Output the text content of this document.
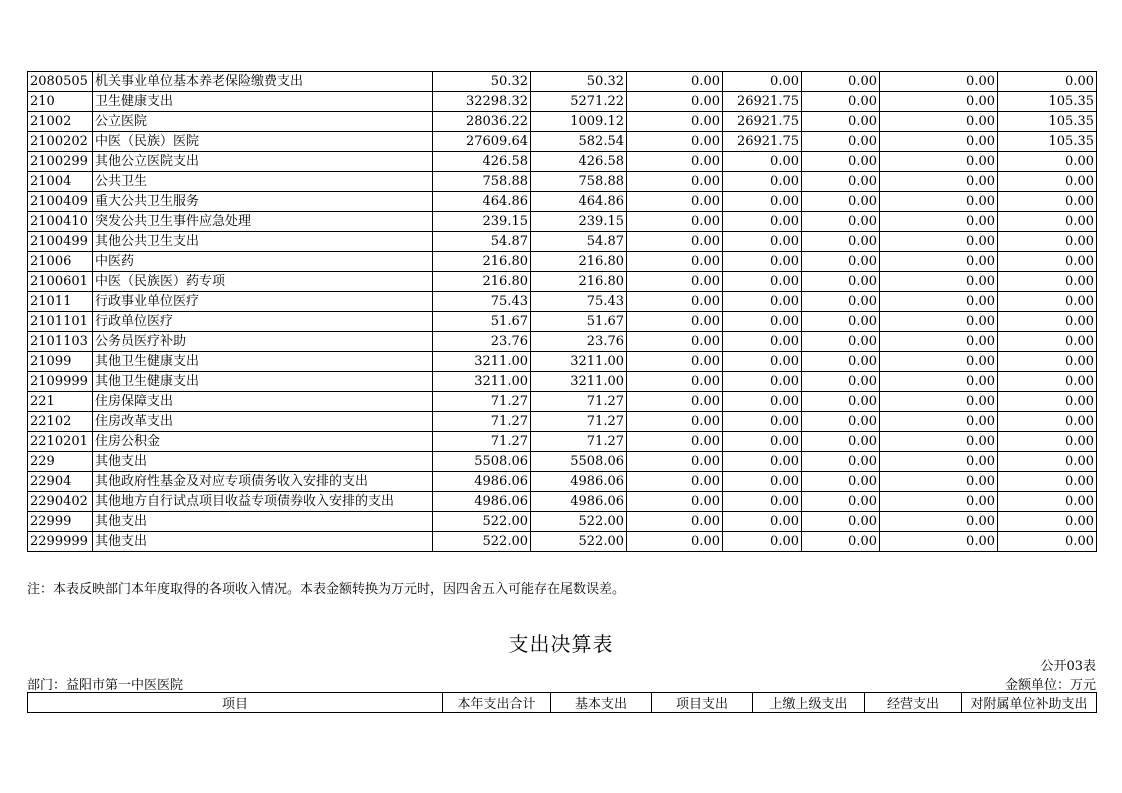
2080505	机关事业单位基本养老保险缴费支出	50.32	50.32	0.00	0.00	0.00	0.00	0.00
210	卫生健康支出	32298.32	5271.22	0.00	26921.75	0.00	0.00	105.35
21002	公立医院	28036.22	1009.12	0.00	26921.75	0.00	0.00	105.35
2100202	中医（民族）医院	27609.64	582.54	0.00	26921.75	0.00	0.00	105.35
2100299	其他公立医院支出	426.58	426.58	0.00	0.00	0.00	0.00	0.00
21004	公共卫生	758.88	758.88	0.00	0.00	0.00	0.00	0.00
2100409	重大公共卫生服务	464.86	464.86	0.00	0.00	0.00	0.00	0.00
2100410	突发公共卫生事件应急处理	239.15	239.15	0.00	0.00	0.00	0.00	0.00
2100499	其他公共卫生支出	54.87	54.87	0.00	0.00	0.00	0.00	0.00
21006	中医药	216.80	216.80	0.00	0.00	0.00	0.00	0.00
2100601	中医（民族医）药专项	216.80	216.80	0.00	0.00	0.00	0.00	0.00
21011	行政事业单位医疗	75.43	75.43	0.00	0.00	0.00	0.00	0.00
2101101	行政单位医疗	51.67	51.67	0.00	0.00	0.00	0.00	0.00
2101103	公务员医疗补助	23.76	23.76	0.00	0.00	0.00	0.00	0.00
21099	其他卫生健康支出	3211.00	3211.00	0.00	0.00	0.00	0.00	0.00
2109999	其他卫生健康支出	3211.00	3211.00	0.00	0.00	0.00	0.00	0.00
221	住房保障支出	71.27	71.27	0.00	0.00	0.00	0.00	0.00
22102	住房改革支出	71.27	71.27	0.00	0.00	0.00	0.00	0.00
2210201	住房公积金	71.27	71.27	0.00	0.00	0.00	0.00	0.00
229	其他支出	5508.06	5508.06	0.00	0.00	0.00	0.00	0.00
22904	其他政府性基金及对应专项债务收入安排的支出	4986.06	4986.06	0.00	0.00	0.00	0.00	0.00
2290402	其他地方自行试点项目收益专项债券收入安排的支出	4986.06	4986.06	0.00	0.00	0.00	0.00	0.00
22999	其他支出	522.00	522.00	0.00	0.00	0.00	0.00	0.00
2299999	其他支出	522.00	522.00	0.00	0.00	0.00	0.00	0.00
注：本表反映部门本年度取得的各项收入情况。本表金额转换为万元时，因四舍五入可能存在尾数误差。
支出决算表
公开03表
部门：益阳市第一中医医院	金额单位：万元
项目	本年支出合计	基本支出	项目支出	上缴上级支出	经营支出	对附属单位补助支出
